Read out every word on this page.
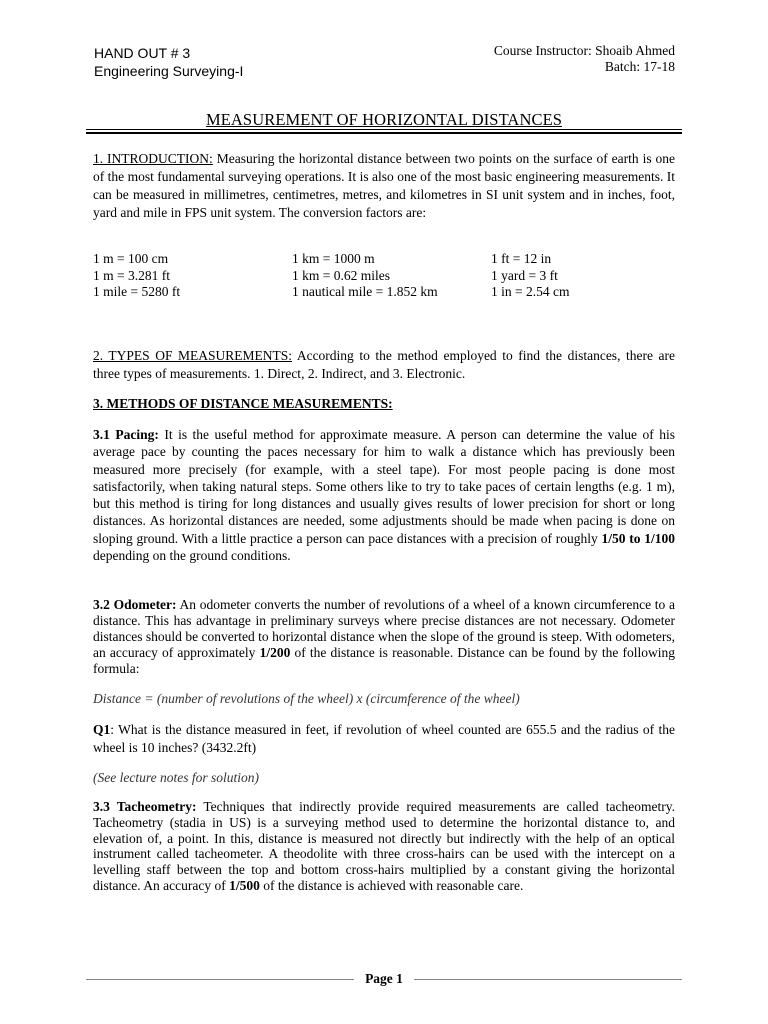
HAND OUT # 3
Engineering Surveying-I
Course Instructor: Shoaib Ahmed
Batch: 17-18
MEASUREMENT OF HORIZONTAL DISTANCES

1. INTRODUCTION: Measuring the horizontal distance between two points on the surface of earth is one of the most fundamental surveying operations. It is also one of the most basic engineering measurements. It can be measured in millimetres, centimetres, metres, and kilometres in SI unit system and in inches, foot, yard and mile in FPS unit system. The conversion factors are:

1 m = 100 cm	1 km = 1000 m	1 ft = 12 in
1 m = 3.281 ft	1 km = 0.62 miles	1 yard = 3 ft
1 mile = 5280 ft	1 nautical mile = 1.852 km	1 in = 2.54 cm

2. TYPES OF MEASUREMENTS: According to the method employed to find the distances, there are three types of measurements. 1. Direct, 2. Indirect, and 3. Electronic.

3. METHODS OF DISTANCE MEASUREMENTS:

3.1 Pacing: It is the useful method for approximate measure. A person can determine the value of his average pace by counting the paces necessary for him to walk a distance which has previously been measured more precisely (for example, with a steel tape). For most people pacing is done most satisfactorily, when taking natural steps. Some others like to try to take paces of certain lengths (e.g. 1 m), but this method is tiring for long distances and usually gives results of lower precision for short or long distances. As horizontal distances are needed, some adjustments should be made when pacing is done on sloping ground. With a little practice a person can pace distances with a precision of roughly 1/50 to 1/100 depending on the ground conditions.

3.2 Odometer: An odometer converts the number of revolutions of a wheel of a known circumference to a distance. This has advantage in preliminary surveys where precise distances are not necessary. Odometer distances should be converted to horizontal distance when the slope of the ground is steep. With odometers, an accuracy of approximately 1/200 of the distance is reasonable. Distance can be found by the following formula:

Distance = (number of revolutions of the wheel) x (circumference of the wheel)

Q1: What is the distance measured in feet, if revolution of wheel counted are 655.5 and the radius of the wheel is 10 inches? (3432.2ft)

(See lecture notes for solution)

3.3 Tacheometry: Techniques that indirectly provide required measurements are called tacheometry. Tacheometry (stadia in US) is a surveying method used to determine the horizontal distance to, and elevation of, a point. In this, distance is measured not directly but indirectly with the help of an optical instrument called tacheometer. A theodolite with three cross-hairs can be used with the intercept on a levelling staff between the top and bottom cross-hairs multiplied by a constant giving the horizontal distance. An accuracy of 1/500 of the distance is achieved with reasonable care.

Page 1
